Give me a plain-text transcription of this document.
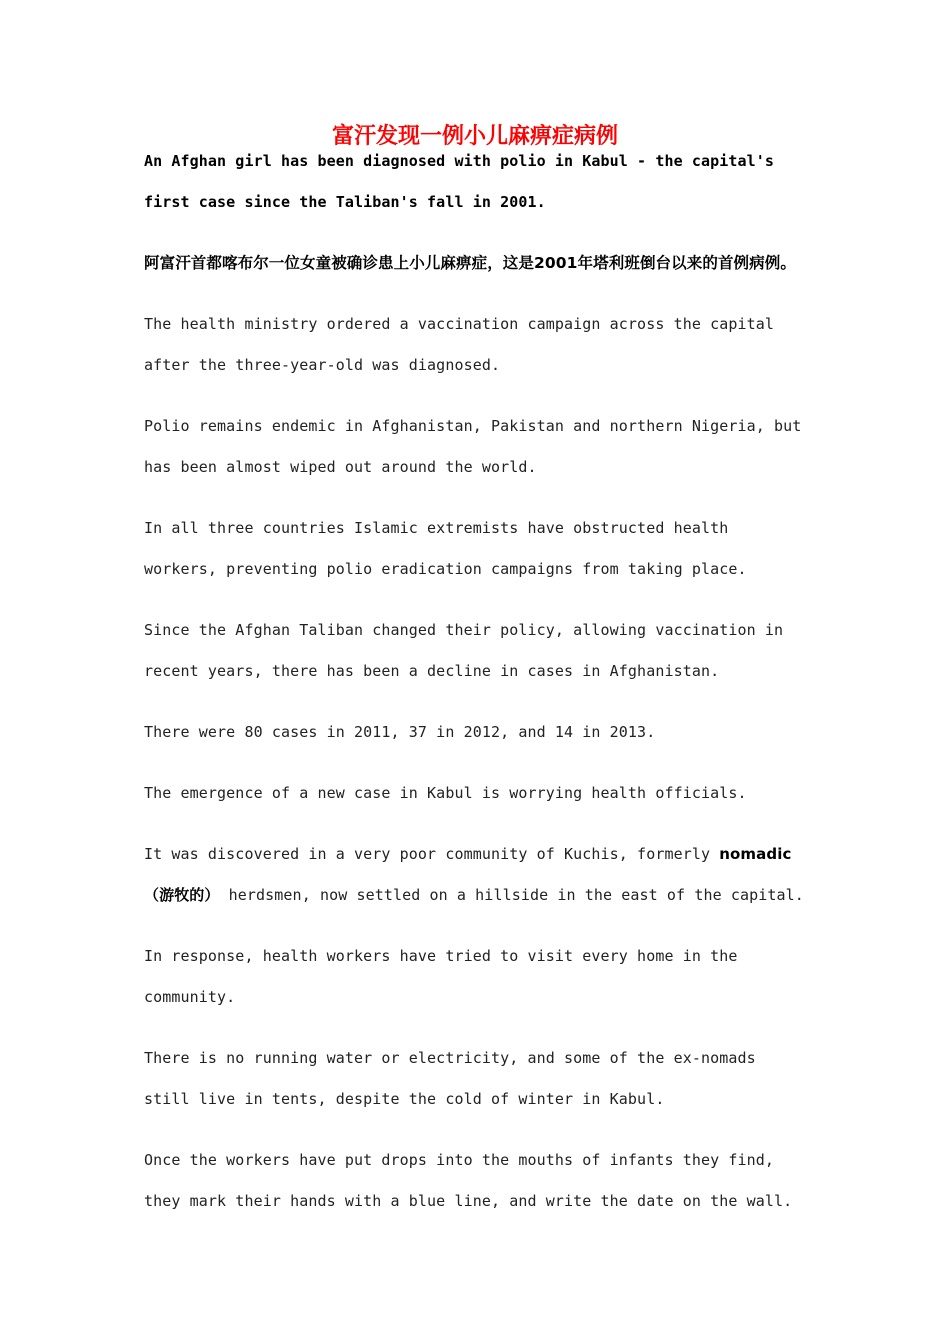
富汗发现一例小儿麻痹症病例

An Afghan girl has been diagnosed with polio in Kabul - the capital's first case since the Taliban's fall in 2001.

阿富汗首都喀布尔一位女童被确诊患上小儿麻痹症，这是2001年塔利班倒台以来的首例病例。

The health ministry ordered a vaccination campaign across the capital after the three-year-old was diagnosed.

Polio remains endemic in Afghanistan, Pakistan and northern Nigeria, but has been almost wiped out around the world.

In all three countries Islamic extremists have obstructed health workers, preventing polio eradication campaigns from taking place.

Since the Afghan Taliban changed their policy, allowing vaccination in recent years, there has been a decline in cases in Afghanistan.

There were 80 cases in 2011, 37 in 2012, and 14 in 2013.

The emergence of a new case in Kabul is worrying health officials.

It was discovered in a very poor community of Kuchis, formerly nomadic（游牧的） herdsmen, now settled on a hillside in the east of the capital.

In response, health workers have tried to visit every home in the community.

There is no running water or electricity, and some of the ex-nomads still live in tents, despite the cold of winter in Kabul.

Once the workers have put drops into the mouths of infants they find, they mark their hands with a blue line, and write the date on the wall.
